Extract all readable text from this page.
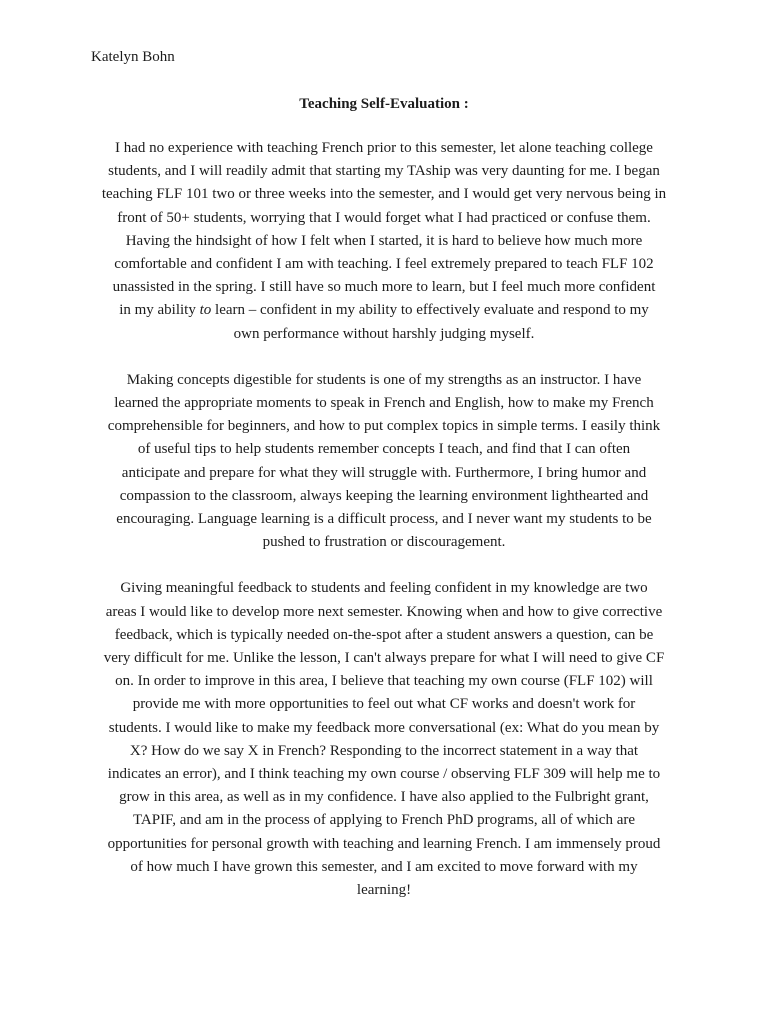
Katelyn Bohn

Teaching Self-Evaluation :

I had no experience with teaching French prior to this semester, let alone teaching college
students, and I will readily admit that starting my TAship was very daunting for me. I began
teaching FLF 101 two or three weeks into the semester, and I would get very nervous being in
front of 50+ students, worrying that I would forget what I had practiced or confuse them.
Having the hindsight of how I felt when I started, it is hard to believe how much more
comfortable and confident I am with teaching. I feel extremely prepared to teach FLF 102
unassisted in the spring. I still have so much more to learn, but I feel much more confident
in my ability to learn – confident in my ability to effectively evaluate and respond to my
own performance without harshly judging myself.

Making concepts digestible for students is one of my strengths as an instructor. I have
learned the appropriate moments to speak in French and English, how to make my French
comprehensible for beginners, and how to put complex topics in simple terms. I easily think
of useful tips to help students remember concepts I teach, and find that I can often
anticipate and prepare for what they will struggle with. Furthermore, I bring humor and
compassion to the classroom, always keeping the learning environment lighthearted and
encouraging. Language learning is a difficult process, and I never want my students to be
pushed to frustration or discouragement.

Giving meaningful feedback to students and feeling confident in my knowledge are two
areas I would like to develop more next semester. Knowing when and how to give corrective
feedback, which is typically needed on-the-spot after a student answers a question, can be
very difficult for me. Unlike the lesson, I can't always prepare for what I will need to give CF
on. In order to improve in this area, I believe that teaching my own course (FLF 102) will
provide me with more opportunities to feel out what CF works and doesn't work for
students. I would like to make my feedback more conversational (ex: What do you mean by
X? How do we say X in French? Responding to the incorrect statement in a way that
indicates an error), and I think teaching my own course / observing FLF 309 will help me to
grow in this area, as well as in my confidence. I have also applied to the Fulbright grant,
TAPIF, and am in the process of applying to French PhD programs, all of which are
opportunities for personal growth with teaching and learning French. I am immensely proud
of how much I have grown this semester, and I am excited to move forward with my
learning!
